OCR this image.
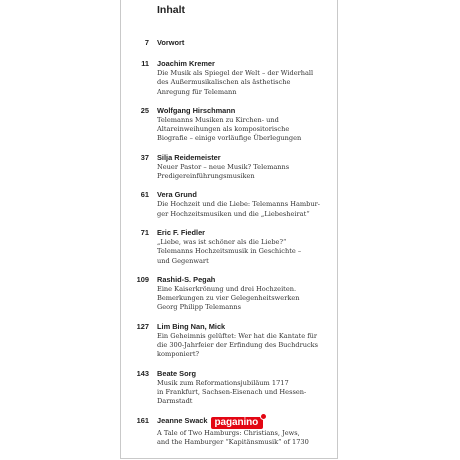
Inhalt
7 Vorwort
11 Joachim Kremer
Die Musik als Spiegel der Welt – der Widerhall
des Außermusikalischen als ästhetische
Anregung für Telemann
25 Wolfgang Hirschmann
Telemanns Musiken zu Kirchen- und
Altareinweihungen als kompositorische
Biografie – einige vorläufige Überlegungen
37 Silja Reidemeister
Neuer Pastor – neue Musik? Telemanns
Predigereinführungsmusiken
61 Vera Grund
Die Hochzeit und die Liebe: Telemanns Hambur-
ger Hochzeitsmusiken und die „Liebesheirat“
71 Eric F. Fiedler
„Liebe, was ist schöner als die Liebe?“
Telemanns Hochzeitsmusik in Geschichte –
und Gegenwart
109 Rashid-S. Pegah
Eine Kaiserkrönung und drei Hochzeiten.
Bemerkungen zu vier Gelegenheitswerken
Georg Philipp Telemanns
127 Lim Bing Nan, Mick
Ein Geheimnis gelüftet: Wer hat die Kantate für
die 300-Jahrfeier der Erfindung des Buchdrucks
komponiert?
143 Beate Sorg
Musik zum Reformationsjubiläum 1717
in Frankfurt, Sachsen-Eisenach und Hessen-
Darmstadt
161 Jeanne Swack paganino
A Tale of Two Hamburgs: Christians, Jews,
and the Hamburger “Kapitänsmusik” of 1730
